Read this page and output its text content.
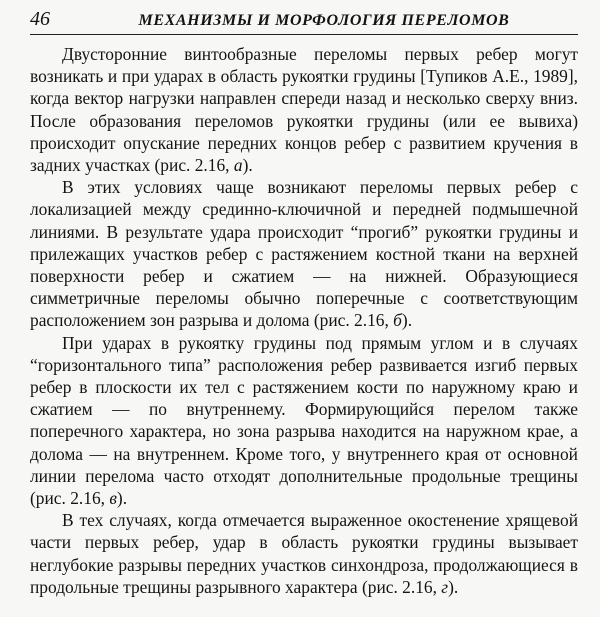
46	МЕХАНИЗМЫ И МОРФОЛОГИЯ ПЕРЕЛОМОВ

Двусторонние винтообразные переломы первых ребер могут возникать и при ударах в область рукоятки грудины [Тупиков А.Е., 1989], когда вектор нагрузки направлен спереди назад и несколько сверху вниз. После образования переломов рукоятки грудины (или ее вывиха) происходит опускание передних концов ребер с развитием кручения в задних участках (рис. 2.16, а).

В этих условиях чаще возникают переломы первых ребер с локализацией между срединно-ключичной и передней подмышечной линиями. В результате удара происходит “прогиб” рукоятки грудины и прилежащих участков ребер с растяжением костной ткани на верхней поверхности ребер и сжатием — на нижней. Образующиеся симметричные переломы обычно поперечные с соответствующим расположением зон разрыва и долома (рис. 2.16, б).

При ударах в рукоятку грудины под прямым углом и в случаях “горизонтального типа” расположения ребер развивается изгиб первых ребер в плоскости их тел с растяжением кости по наружному краю и сжатием — по внутреннему. Формирующийся перелом также поперечного характера, но зона разрыва находится на наружном крае, а долома — на внутреннем. Кроме того, у внутреннего края от основной линии перелома часто отходят дополнительные продольные трещины (рис. 2.16, в).

В тех случаях, когда отмечается выраженное окостенение хрящевой части первых ребер, удар в область рукоятки грудины вызывает неглубокие разрывы передних участков синхондроза, продолжающиеся в продольные трещины разрывного характера (рис. 2.16, г).
